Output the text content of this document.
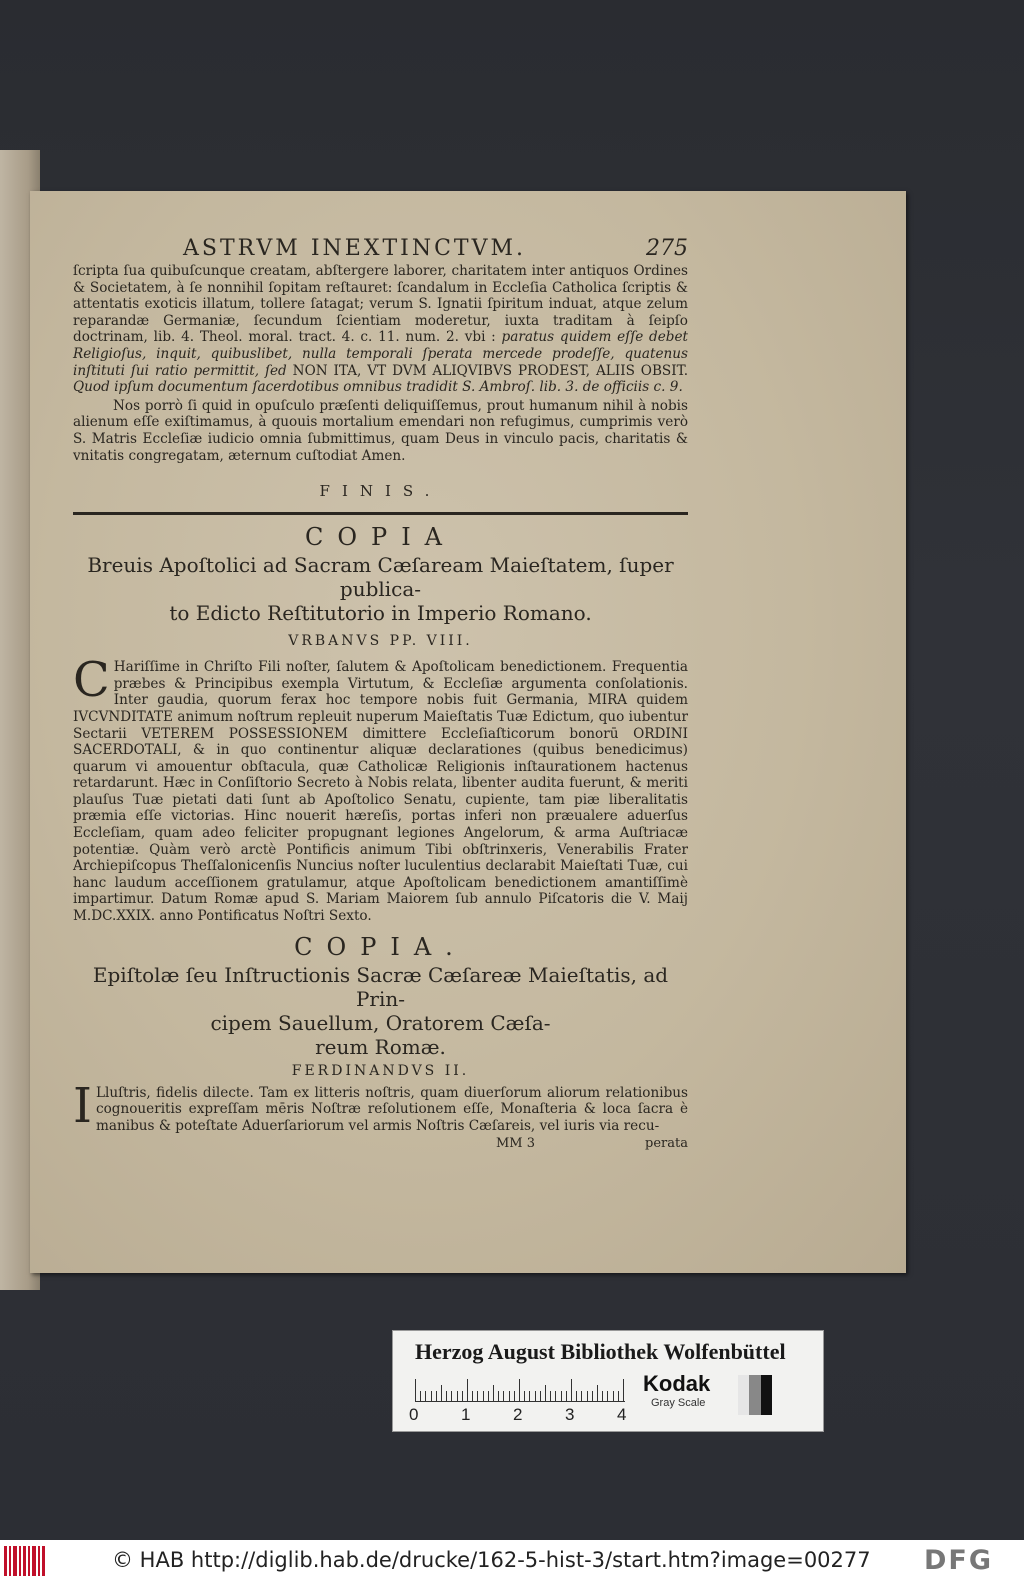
ASTRVM INEXTINCTVM.	275

ſcripta ſua quibuſcunque creatam, abſtergere laborer, charitatem inter antiquos Ordines & Societatem, à ſe nonnihil ſopitam reſtauret: ſcandalum in Eccleſia Catholica ſcriptis & attentatis exoticis illatum, tollere ſatagat; verum S. Ignatii ſpiritum induat, atque zelum reparandæ Germaniæ, ſecundum ſcientiam moderetur, iuxta traditam à ſeipſo doctrinam, lib. 4. Theol. moral. tract. 4. c. 11. num. 2. vbi : paratus quidem eſſe debet Religioſus, inquit, quibuslibet, nulla temporali ſperata mercede prodeſſe, quatenus inſtituti ſui ratio permittit, ſed NON ITA, VT DVM ALIQVIBVS PRODEST, ALIIS OBSIT. Quod ipſum documentum ſacerdotibus omnibus tradidit S. Ambroſ. lib. 3. de officiis c. 9.

Nos porrò ſi quid in opuſculo præſenti deliquiſſemus, prout humanum nihil à nobis alienum eſſe exiſtimamus, à quouis mortalium emendari non refugimus, cumprimis verò S. Matris Eccleſiæ iudicio omnia ſubmittimus, quam Deus in vinculo pacis, charitatis & vnitatis congregatam, æternum cuſtodiat Amen.

FINIS.
COPIA
Breuis Apoſtolici ad Sacram Cæſaream Maieſtatem, ſuper publica-
to Edicto Reſtitutorio in Imperio Romano.
VRBANVS PP. VIII.
C Hariſſime in Chriſto Fili noſter, ſalutem & Apoſtolicam benedictionem. Frequentia præbes & Principibus exempla Virtutum, & Eccleſiæ argumenta conſolationis. Inter gaudia, quorum ferax hoc tempore nobis fuit Germania, MIRA quidem IVCVNDITATE animum noſtrum repleuit nuperum Maieſtatis Tuæ Edictum, quo iubentur Sectarii VETEREM POSSESSIONEM dimittere Eccleſiaſticorum bonorū ORDINI SACERDOTALI, & in quo continentur aliquæ declarationes (quibus benedicimus) quarum vi amouentur obſtacula, quæ Catholicæ Religionis inſtaurationem hactenus retardarunt. Hæc in Conſiſtorio Secreto à Nobis relata, libenter audita fuerunt, & meriti plauſus Tuæ pietati dati ſunt ab Apoſtolico Senatu, cupiente, tam piæ liberalitatis præmia eſſe victorias. Hinc nouerit hæreſis, portas inferi non præualere aduerſus Eccleſiam, quam adeo feliciter propugnant legiones Angelorum, & arma Auſtriacæ potentiæ. Quàm verò arctè Pontificis animum Tibi obſtrinxeris, Venerabilis Frater Archiepiſcopus Theſſalonicenſis Nuncius noſter luculentius declarabit Maieſtati Tuæ, cui hanc laudum acceſſionem gratulamur, atque Apoſtolicam benedictionem amantiſſimè impartimur. Datum Romæ apud S. Mariam Maiorem ſub annulo Piſcatoris die V. Maij M.DC.XXIX. anno Pontificatus Noſtri Sexto.
COPIA.
Epiſtolæ ſeu Inſtructionis Sacræ Cæſareæ Maieſtatis, ad Prin-
cipem Sauellum, Oratorem Cæſa-
reum Romæ.
FERDINANDVS II.
I Lluſtris, fidelis dilecte. Tam ex litteris noſtris, quam diuerſorum aliorum relationibus cognoueritis expreſſam mēris Noſtræ reſolutionem eſſe, Monaſteria & loca ſacra è manibus & poteſtate Aduerſariorum vel armis Noſtris Cæſareis, vel iuris via recu-
MM 3	perata
Herzog August Bibliothek Wolfenbüttel
0	1	2	3	4
Kodak
Gray Scale
© HAB http://diglib.hab.de/drucke/162-5-hist-3/start.htm?image=00277 DFG
